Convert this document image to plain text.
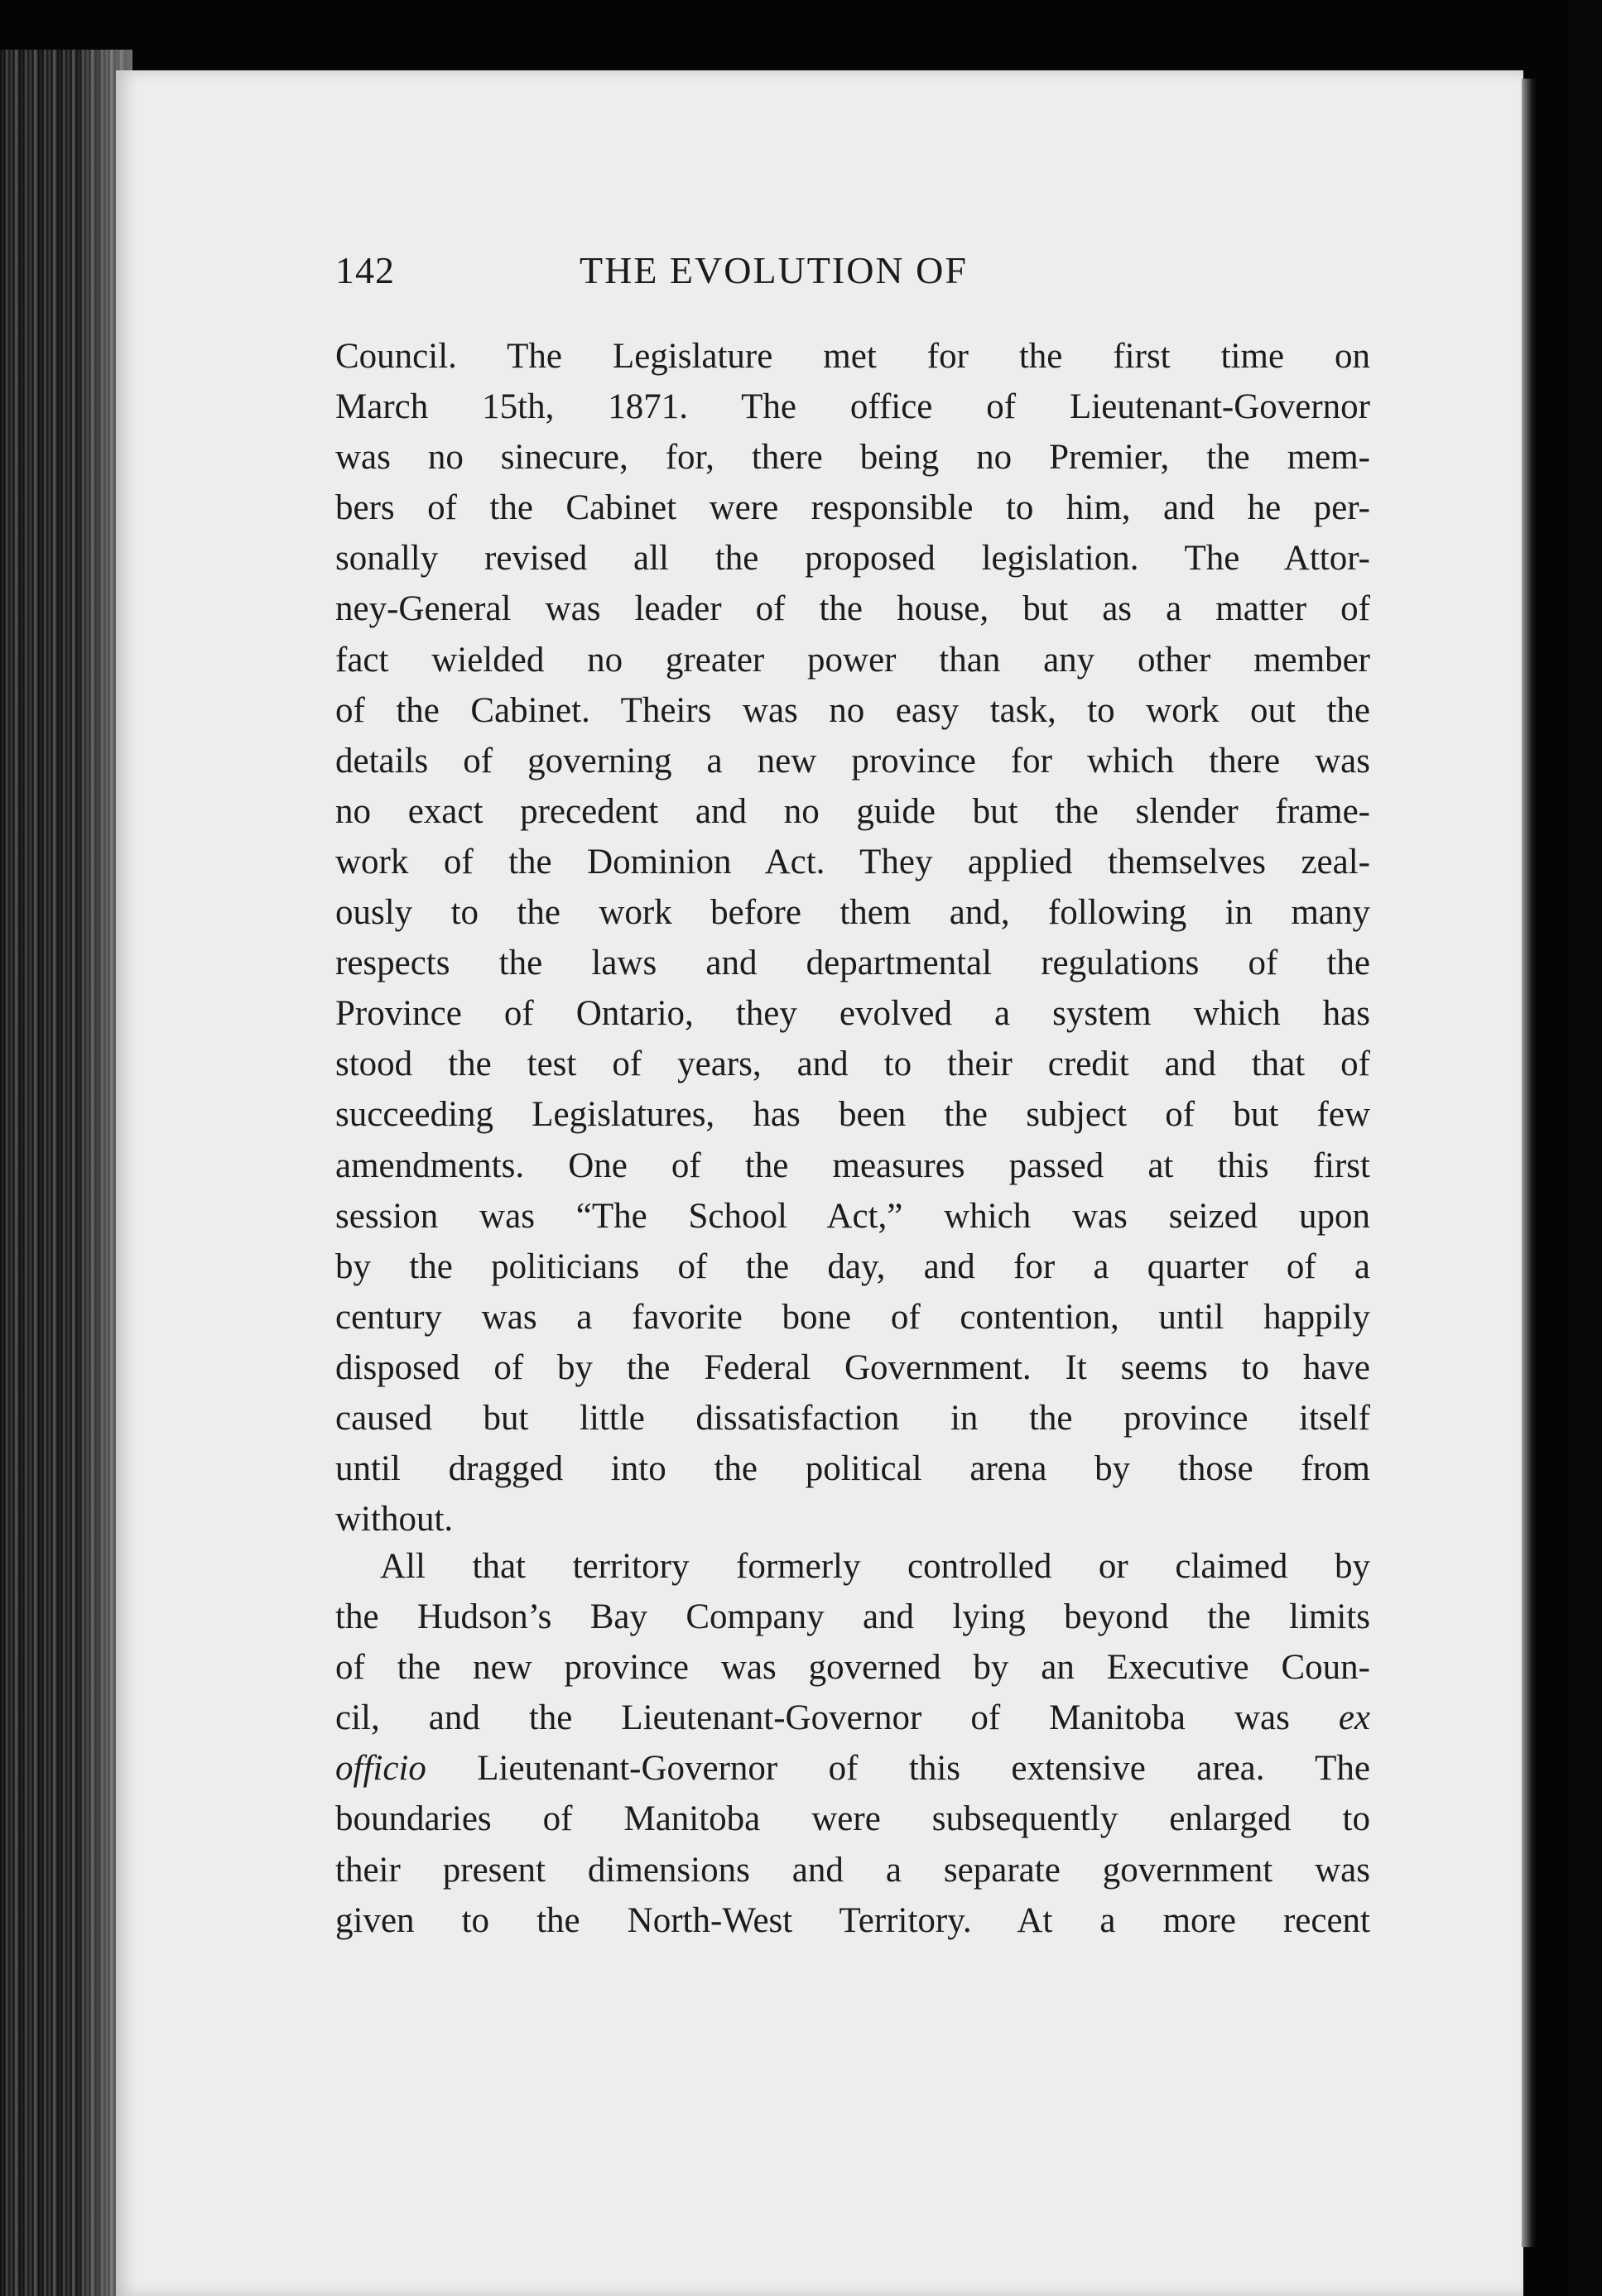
142	THE EVOLUTION OF
Council. The Legislature met for the first time on
March 15th, 1871. The office of Lieutenant-Governor
was no sinecure, for, there being no Premier, the mem-
bers of the Cabinet were responsible to him, and he per-
sonally revised all the proposed legislation. The Attor-
ney-General was leader of the house, but as a matter of
fact wielded no greater power than any other member
of the Cabinet. Theirs was no easy task, to work out the
details of governing a new province for which there was
no exact precedent and no guide but the slender frame-
work of the Dominion Act. They applied themselves zeal-
ously to the work before them and, following in many
respects the laws and departmental regulations of the
Province of Ontario, they evolved a system which has
stood the test of years, and to their credit and that of
succeeding Legislatures, has been the subject of but few
amendments. One of the measures passed at this first
session was “The School Act,” which was seized upon
by the politicians of the day, and for a quarter of a
century was a favorite bone of contention, until happily
disposed of by the Federal Government. It seems to have
caused but little dissatisfaction in the province itself
until dragged into the political arena by those from
without.
All that territory formerly controlled or claimed by
the Hudson’s Bay Company and lying beyond the limits
of the new province was governed by an Executive Coun-
cil, and the Lieutenant-Governor of Manitoba was ex
officio Lieutenant-Governor of this extensive area. The
boundaries of Manitoba were subsequently enlarged to
their present dimensions and a separate government was
given to the North-West Territory. At a more recent
